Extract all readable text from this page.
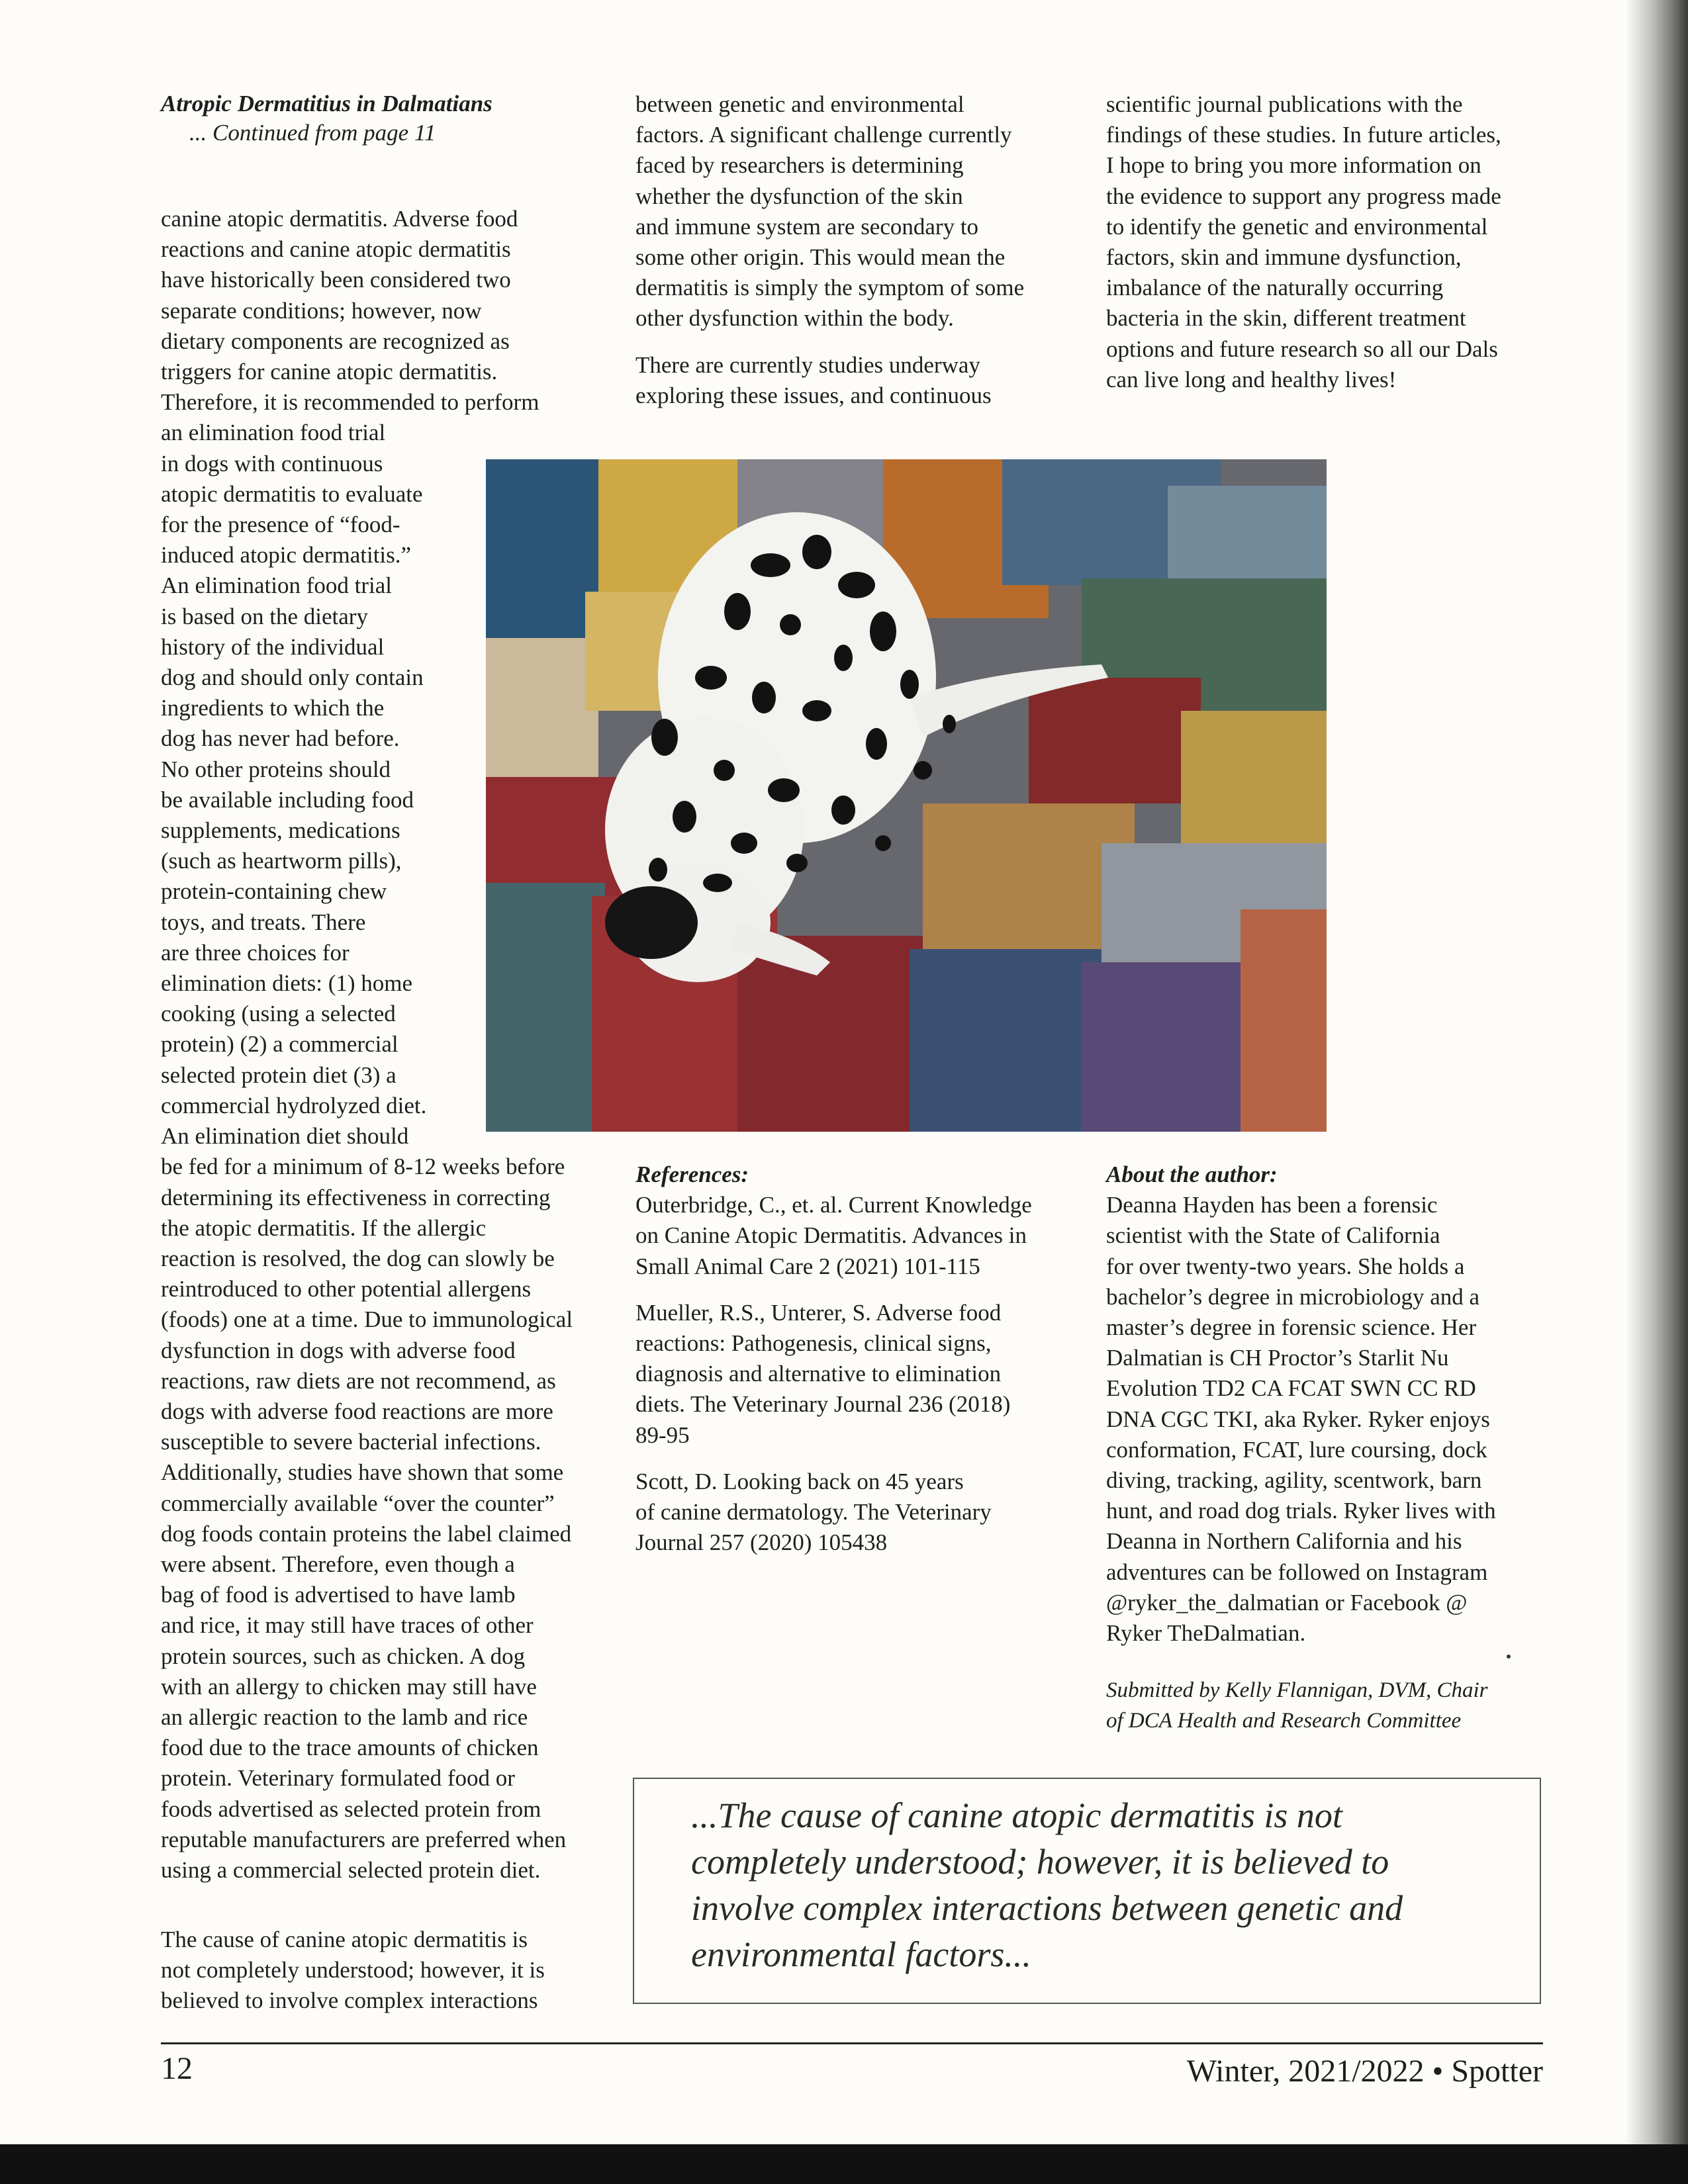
Atropic Dermatitius in Dalmatians
... Continued from page 11

canine atopic dermatitis. Adverse food

reactions and canine atopic dermatitis

have historically been considered two

separate conditions; however, now

dietary components are recognized as

triggers for canine atopic dermatitis.

Therefore, it is recommended to perform

an elimination food trial

in dogs with continuous

atopic dermatitis to evaluate

for the presence of “food-

induced atopic dermatitis.”

An elimination food trial

is based on the dietary

history of the individual

dog and should only contain

ingredients to which the

dog has never had before.

No other proteins should

be available including food

supplements, medications

(such as heartworm pills),

protein-containing chew

toys, and treats. There

are three choices for

elimination diets: (1) home

cooking (using a selected

protein) (2) a commercial

selected protein diet (3) a

commercial hydrolyzed diet.

An elimination diet should

be fed for a minimum of 8-12 weeks before

determining its effectiveness in correcting

the atopic dermatitis. If the allergic

reaction is resolved, the dog can slowly be

reintroduced to other potential allergens

(foods) one at a time. Due to immunological

dysfunction in dogs with adverse food

reactions, raw diets are not recommend, as

dogs with adverse food reactions are more

susceptible to severe bacterial infections.

Additionally, studies have shown that some

commercially available “over the counter”

dog foods contain proteins the label claimed

were absent. Therefore, even though a

bag of food is advertised to have lamb

and rice, it may still have traces of other

protein sources, such as chicken. A dog

with an allergy to chicken may still have

an allergic reaction to the lamb and rice

food due to the trace amounts of chicken

protein. Veterinary formulated food or

foods advertised as selected protein from

reputable manufacturers are preferred when

using a commercial selected protein diet.

The cause of canine atopic dermatitis is

not completely understood; however, it is

believed to involve complex interactions

between genetic and environmental

factors. A significant challenge currently

faced by researchers is determining

whether the dysfunction of the skin

and immune system are secondary to

some other origin. This would mean the

dermatitis is simply the symptom of some

other dysfunction within the body.

There are currently studies underway

exploring these issues, and continuous

scientific journal publications with the

findings of these studies. In future articles,

I hope to bring you more information on

the evidence to support any progress made

to identify the genetic and environmental

factors, skin and immune dysfunction,

imbalance of the naturally occurring

bacteria in the skin, different treatment

options and future research so all our Dals

can live long and healthy lives!

References:

Outerbridge, C., et. al. Current Knowledge

on Canine Atopic Dermatitis. Advances in

Small Animal Care 2 (2021) 101-115

Mueller, R.S., Unterer, S. Adverse food

reactions: Pathogenesis, clinical signs,

diagnosis and alternative to elimination

diets. The Veterinary Journal 236 (2018)

89-95

Scott, D. Looking back on 45 years

of canine dermatology. The Veterinary

Journal 257 (2020) 105438

About the author:

Deanna Hayden has been a forensic

scientist with the State of California

for over twenty-two years. She holds a

bachelor’s degree in microbiology and a

master’s degree in forensic science. Her

Dalmatian is CH Proctor’s Starlit Nu

Evolution TD2 CA FCAT SWN CC RD

DNA CGC TKI, aka Ryker. Ryker enjoys

conformation, FCAT, lure coursing, dock

diving, tracking, agility, scentwork, barn

hunt, and road dog trials. Ryker lives with

Deanna in Northern California and his

adventures can be followed on Instagram

@ryker_the_dalmatian or Facebook @

Ryker TheDalmatian.

Submitted by Kelly Flannigan, DVM, Chair

of DCA Health and Research Committee

...The cause of canine atopic dermatitis is not

completely understood; however, it is believed to

involve complex interactions between genetic and

environmental factors...

12	Winter, 2021/2022 • Spotter
